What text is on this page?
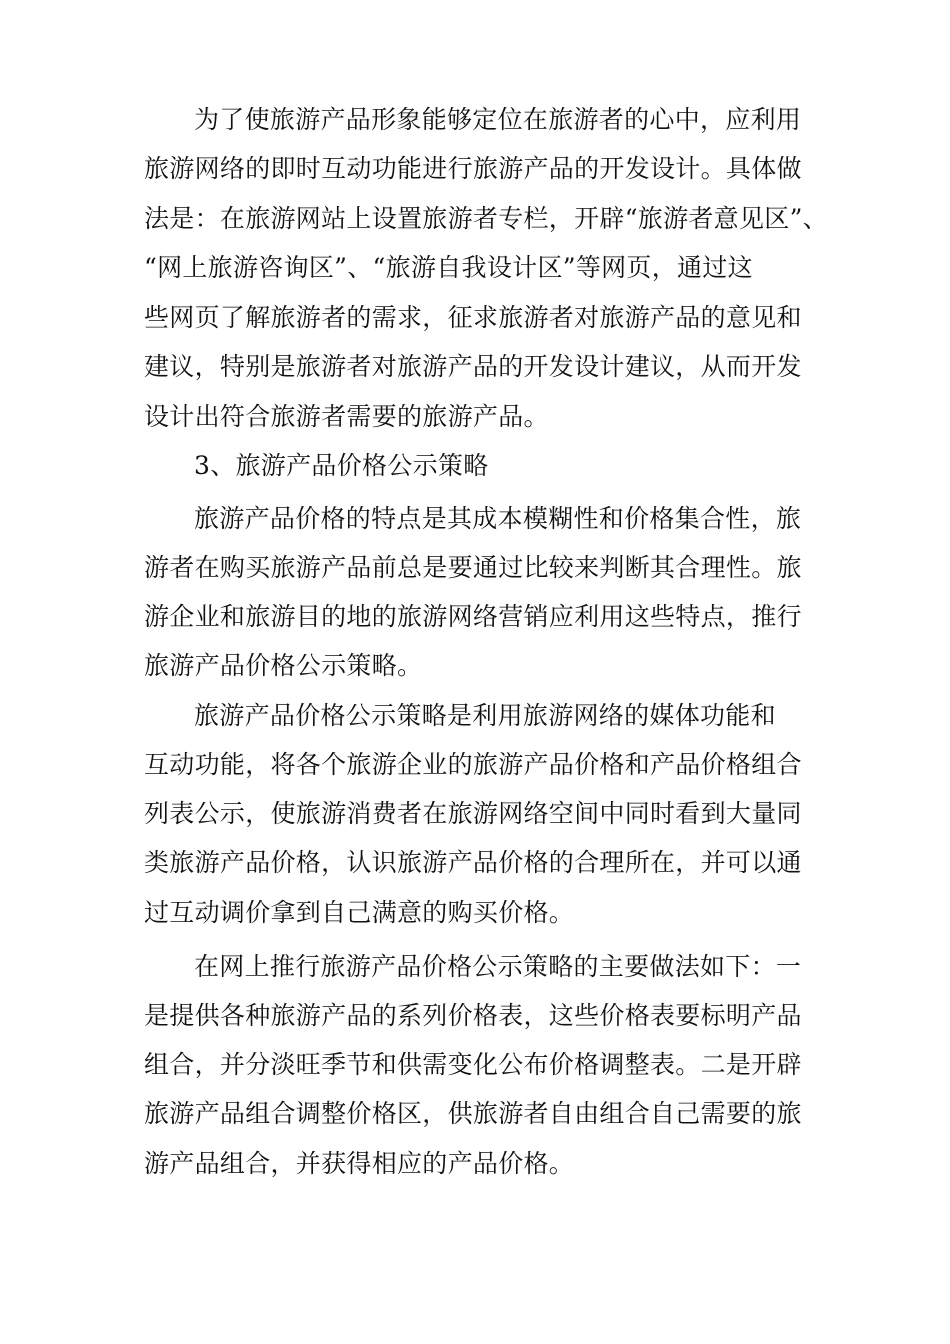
为了使旅游产品形象能够定位在旅游者的心中，应利用
旅游网络的即时互动功能进行旅游产品的开发设计。具体做
法是：在旅游网站上设置旅游者专栏，开辟“旅游者意见区”、
“网上旅游咨询区”、“旅游自我设计区”等网页，通过这
些网页了解旅游者的需求，征求旅游者对旅游产品的意见和
建议，特别是旅游者对旅游产品的开发设计建议，从而开发
设计出符合旅游者需要的旅游产品。
3、旅游产品价格公示策略
旅游产品价格的特点是其成本模糊性和价格集合性，旅
游者在购买旅游产品前总是要通过比较来判断其合理性。旅
游企业和旅游目的地的旅游网络营销应利用这些特点，推行
旅游产品价格公示策略。
旅游产品价格公示策略是利用旅游网络的媒体功能和
互动功能，将各个旅游企业的旅游产品价格和产品价格组合
列表公示，使旅游消费者在旅游网络空间中同时看到大量同
类旅游产品价格，认识旅游产品价格的合理所在，并可以通
过互动调价拿到自己满意的购买价格。
在网上推行旅游产品价格公示策略的主要做法如下：一
是提供各种旅游产品的系列价格表，这些价格表要标明产品
组合，并分淡旺季节和供需变化公布价格调整表。二是开辟
旅游产品组合调整价格区，供旅游者自由组合自己需要的旅
游产品组合，并获得相应的产品价格。
